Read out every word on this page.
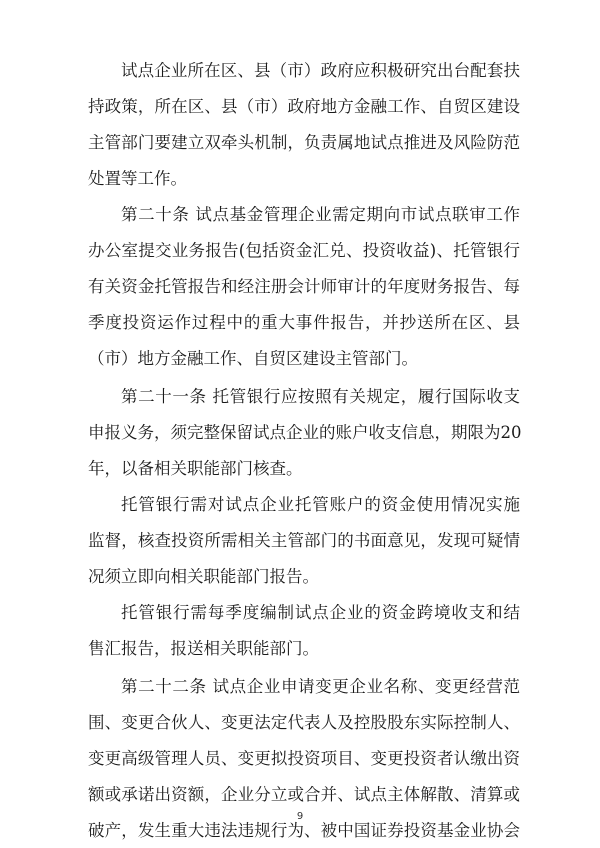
试点企业所在区、县（市）政府应积极研究出台配套扶
持政策，所在区、县（市）政府地方金融工作、自贸区建设
主管部门要建立双牵头机制，负责属地试点推进及风险防范
处置等工作。
第二十条 试点基金管理企业需定期向市试点联审工作
办公室提交业务报告(包括资金汇兑、投资收益)、托管银行
有关资金托管报告和经注册会计师审计的年度财务报告、每
季度投资运作过程中的重大事件报告，并抄送所在区、县
（市）地方金融工作、自贸区建设主管部门。
第二十一条 托管银行应按照有关规定，履行国际收支
申报义务，须完整保留试点企业的账户收支信息，期限为20
年，以备相关职能部门核查。
托管银行需对试点企业托管账户的资金使用情况实施
监督，核查投资所需相关主管部门的书面意见，发现可疑情
况须立即向相关职能部门报告。
托管银行需每季度编制试点企业的资金跨境收支和结
售汇报告，报送相关职能部门。
第二十二条 试点企业申请变更企业名称、变更经营范
围、变更合伙人、变更法定代表人及控股股东实际控制人、
变更高级管理人员、变更拟投资项目、变更投资者认缴出资
额或承诺出资额，企业分立或合并、试点主体解散、清算或
破产，发生重大违法违规行为、被中国证券投资基金业协会
9
